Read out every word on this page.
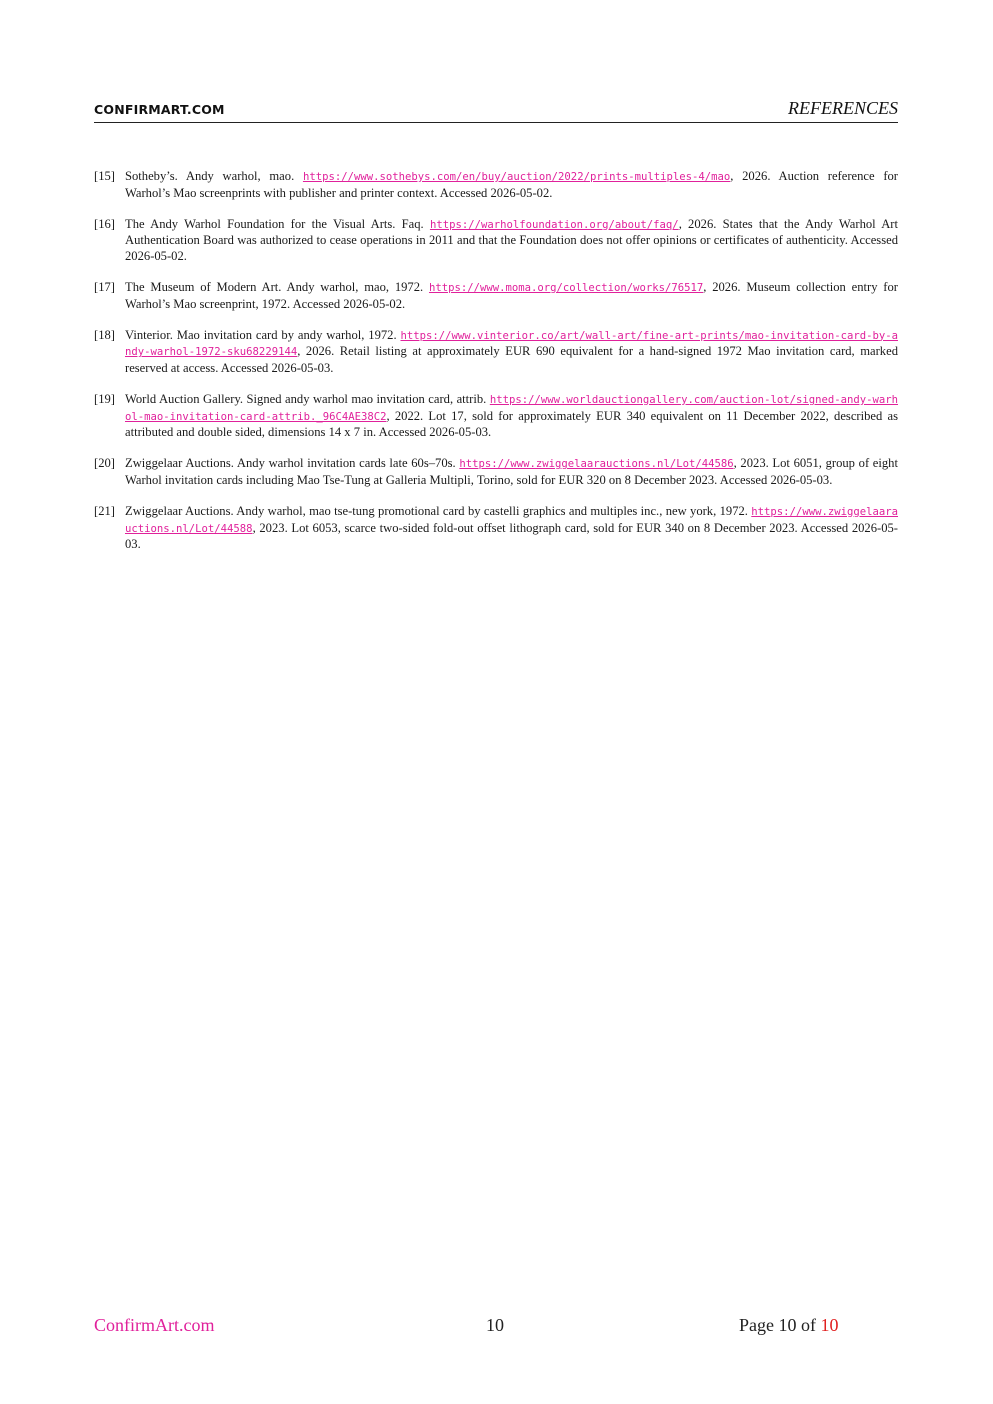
CONFIRMART.COM	REFERENCES
[15] Sotheby’s. Andy warhol, mao. https://www.sothebys.com/en/buy/auction/2022/prints-multiples-4/mao, 2026. Auction reference for Warhol’s Mao screenprints with publisher and printer context. Accessed 2026-05-02.
[16] The Andy Warhol Foundation for the Visual Arts. Faq. https://warholfoundation.org/about/faq/, 2026. States that the Andy Warhol Art Authentication Board was authorized to cease operations in 2011 and that the Foundation does not offer opinions or certificates of authenticity. Accessed 2026-05-02.
[17] The Museum of Modern Art. Andy warhol, mao, 1972. https://www.moma.org/collection/works/76517, 2026. Museum collection entry for Warhol’s Mao screenprint, 1972. Accessed 2026-05-02.
[18] Vinterior. Mao invitation card by andy warhol, 1972. https://www.vinterior.co/art/wall-art/fine-art-prints/mao-invitation-card-by-andy-warhol-1972-sku68229144, 2026. Retail listing at approximately EUR 690 equivalent for a hand-signed 1972 Mao invitation card, marked reserved at access. Accessed 2026-05-03.
[19] World Auction Gallery. Signed andy warhol mao invitation card, attrib. https://www.worldauctiongallery.com/auction-lot/signed-andy-warhol-mao-invitation-card-attrib._96C4AE38C2, 2022. Lot 17, sold for approximately EUR 340 equivalent on 11 December 2022, described as attributed and double sided, dimensions 14 x 7 in. Accessed 2026-05-03.
[20] Zwiggelaar Auctions. Andy warhol invitation cards late 60s–70s. https://www.zwiggelaarauctions.nl/Lot/44586, 2023. Lot 6051, group of eight Warhol invitation cards including Mao Tse-Tung at Galleria Multipli, Torino, sold for EUR 320 on 8 December 2023. Accessed 2026-05-03.
[21] Zwiggelaar Auctions. Andy warhol, mao tse-tung promotional card by castelli graphics and multiples inc., new york, 1972. https://www.zwiggelaarauctions.nl/Lot/44588, 2023. Lot 6053, scarce two-sided fold-out offset lithograph card, sold for EUR 340 on 8 December 2023. Accessed 2026-05-03.
ConfirmArt.com	10	Page 10 of 10
